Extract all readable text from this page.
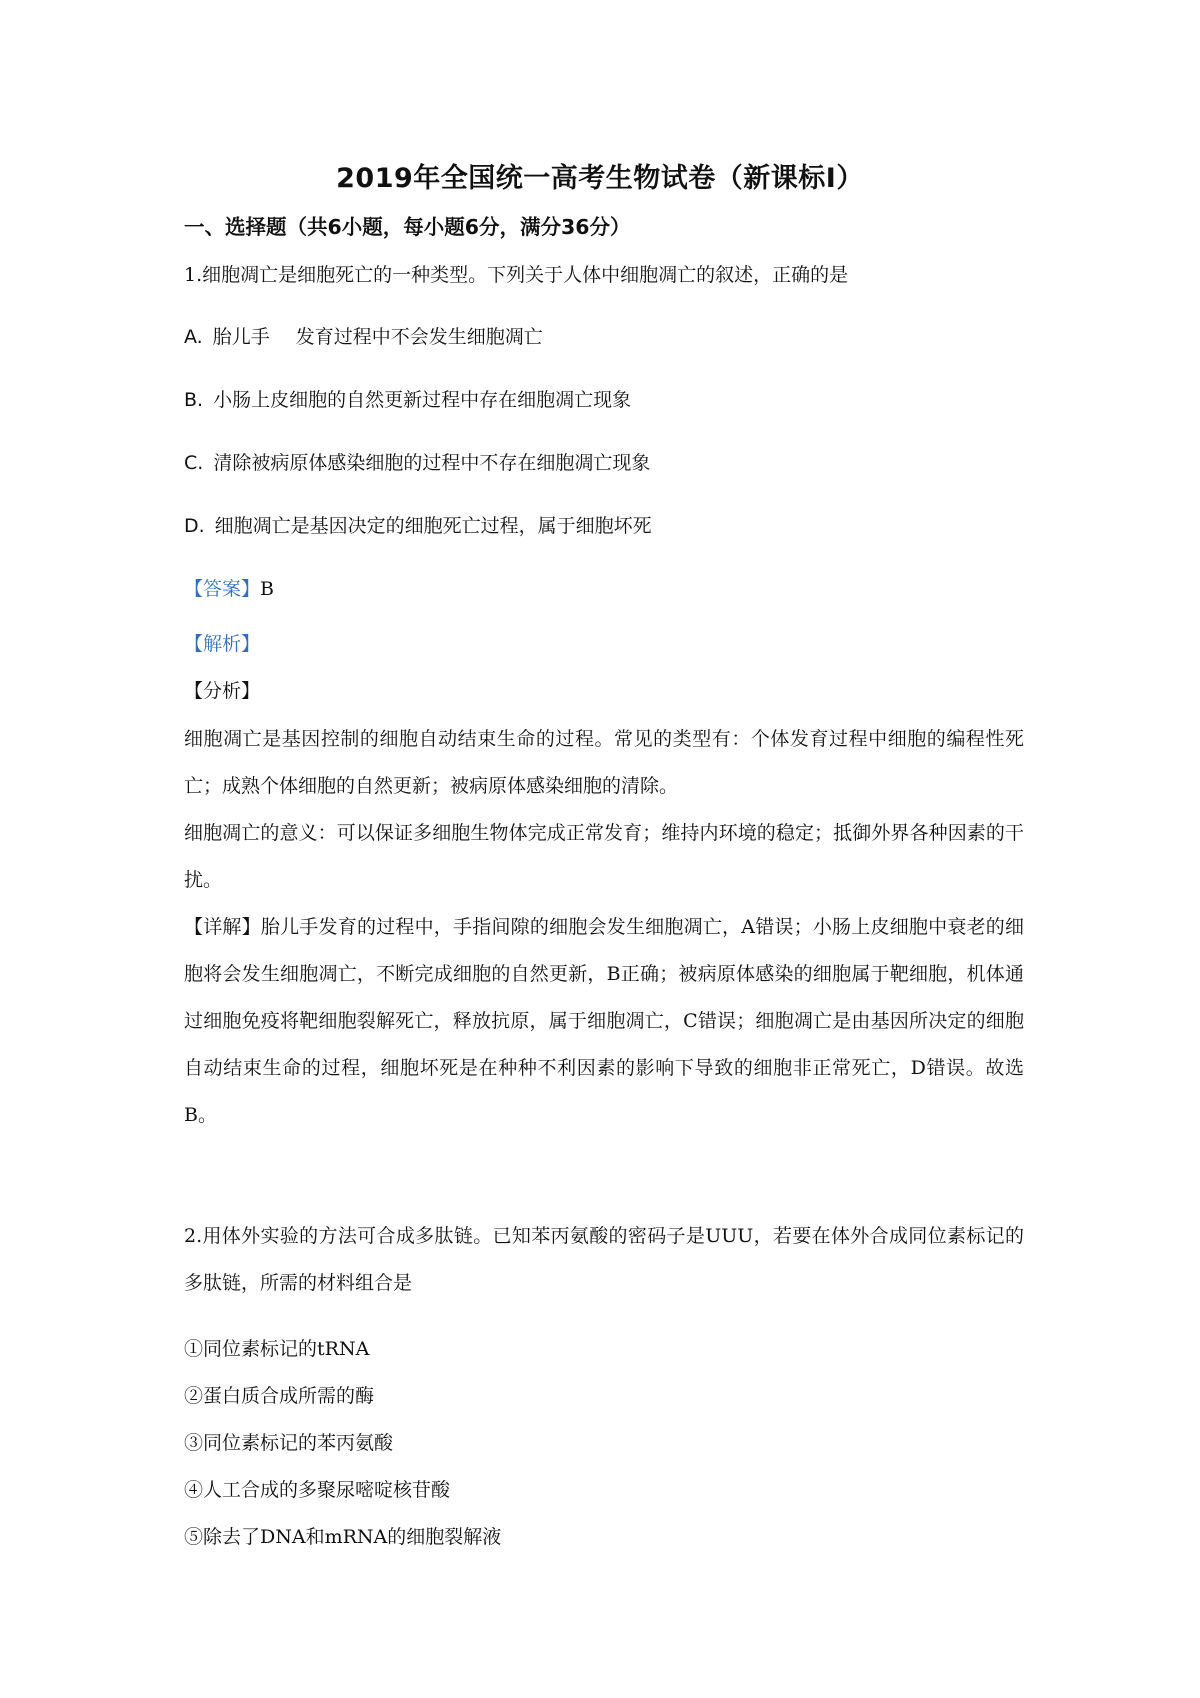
2019年全国统一高考生物试卷（新课标Ⅰ）
一、选择题（共6小题，每小题6分，满分36分）

1.细胞凋亡是细胞死亡的一种类型。下列关于人体中细胞凋亡的叙述，正确的是

A. 胎儿手 发育过程中不会发生细胞凋亡

B. 小肠上皮细胞的自然更新过程中存在细胞凋亡现象

C. 清除被病原体感染细胞的过程中不存在细胞凋亡现象

D. 细胞凋亡是基因决定的细胞死亡过程，属于细胞坏死

【答案】B

【解析】

【分析】

细胞凋亡是基因控制的细胞自动结束生命的过程。常见的类型有：个体发育过程中细胞的编程性死亡；成熟个体细胞的自然更新；被病原体感染细胞的清除。

细胞凋亡的意义：可以保证多细胞生物体完成正常发育；维持内环境的稳定；抵御外界各种因素的干扰。

【详解】胎儿手发育的过程中，手指间隙的细胞会发生细胞凋亡，A错误；小肠上皮细胞中衰老的细胞将会发生细胞凋亡，不断完成细胞的自然更新，B正确；被病原体感染的细胞属于靶细胞，机体通过细胞免疫将靶细胞裂解死亡，释放抗原，属于细胞凋亡，C错误；细胞凋亡是由基因所决定的细胞自动结束生命的过程，细胞坏死是在种种不利因素的影响下导致的细胞非正常死亡，D错误。故选B。

2.用体外实验的方法可合成多肽链。已知苯丙氨酸的密码子是UUU，若要在体外合成同位素标记的多肽链，所需的材料组合是

①同位素标记的tRNA

②蛋白质合成所需的酶

③同位素标记的苯丙氨酸

④人工合成的多聚尿嘧啶核苷酸

⑤除去了DNA和mRNA的细胞裂解液
